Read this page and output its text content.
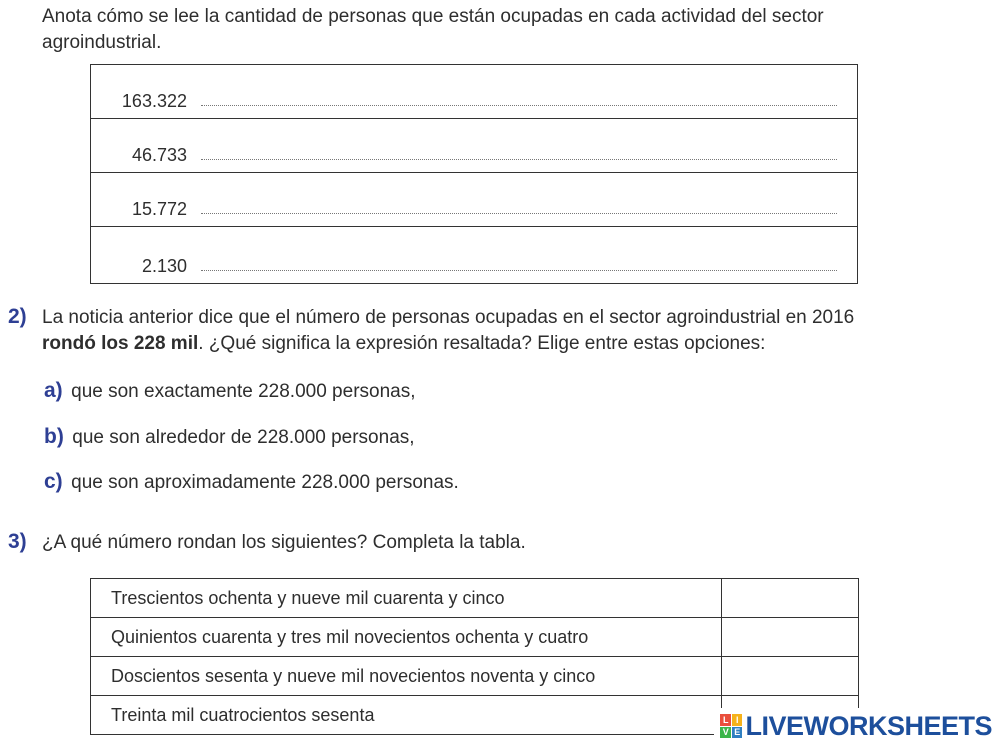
Anota cómo se lee la cantidad de personas que están ocupadas en cada actividad del sector
agroindustrial.
163.322
46.733
15.772
2.130
2) La noticia anterior dice que el número de personas ocupadas en el sector agroindustrial en 2016
rondó los 228 mil. ¿Qué significa la expresión resaltada? Elige entre estas opciones:
a) que son exactamente 228.000 personas,
b) que son alrededor de 228.000 personas,
c) que son aproximadamente 228.000 personas.
3) ¿A qué número rondan los siguientes? Completa la tabla.
Trescientos ochenta y nueve mil cuarenta y cinco	
Quinientos cuarenta y tres mil novecientos ochenta y cuatro	
Doscientos sesenta y nueve mil novecientos noventa y cinco	
Treinta mil cuatrocientos sesenta		L I
V E LIVEWORKSHEETS
